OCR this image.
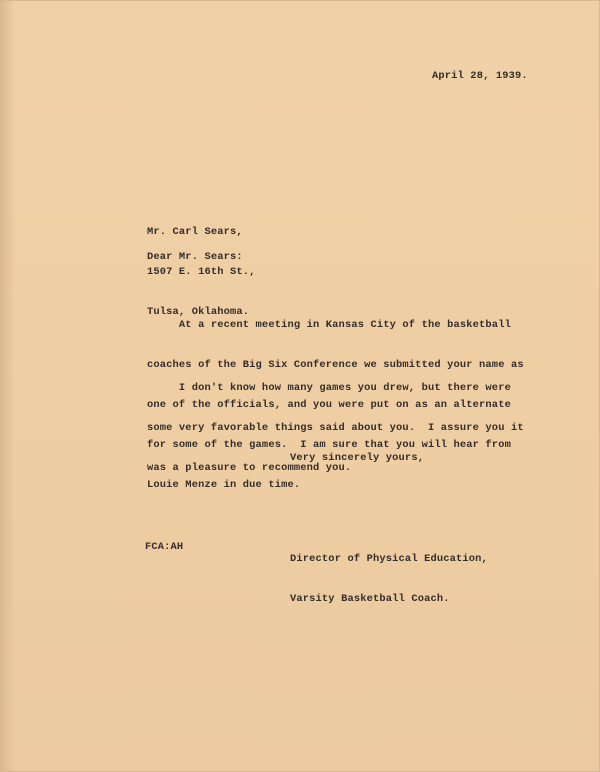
April 28, 1939.

Mr. Carl Sears,

1507 E. 16th St.,

Tulsa, Oklahoma.

Dear Mr. Sears:

At a recent meeting in Kansas City of the basketball

coaches of the Big Six Conference we submitted your name as

one of the officials, and you were put on as an alternate

for some of the games.  I am sure that you will hear from

Louie Menze in due time.

I don't know how many games you drew, but there were

some very favorable things said about you.  I assure you it

was a pleasure to recommend you.

Very sincerely yours,

Director of Physical Education,

Varsity Basketball Coach.

FCA:AH
